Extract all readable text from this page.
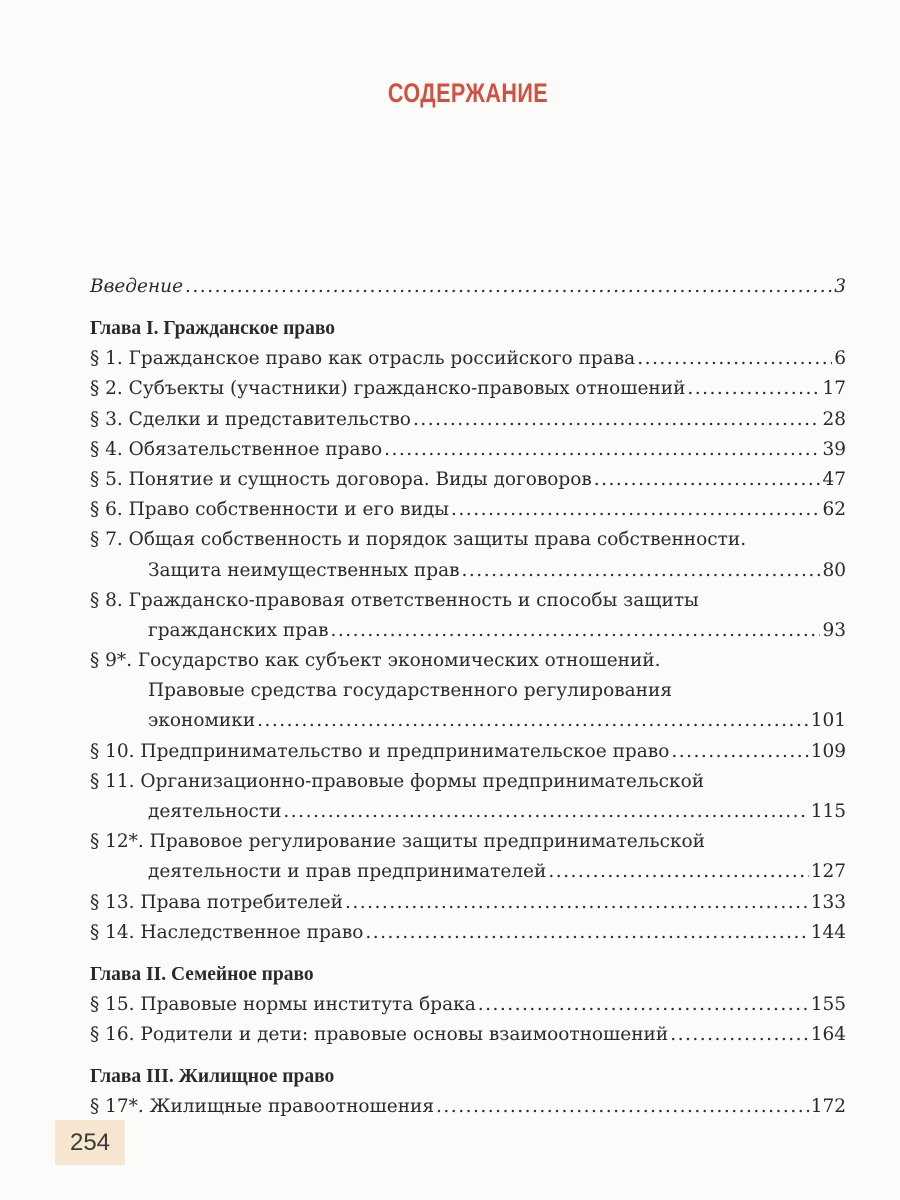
СОДЕРЖАНИЕ
Введение .....	3
Глава I. Гражданское право
§ 1. Гражданское право как отрасль российского права .....	6
§ 2. Субъекты (участники) гражданско-правовых отношений .....	17
§ 3. Сделки и представительство .....	28
§ 4. Обязательственное право .....	39
§ 5. Понятие и сущность договора. Виды договоров .....	47
§ 6. Право собственности и его виды .....	62
§ 7. Общая собственность и порядок защиты права собственности.
Защита неимущественных прав .....	80
§ 8. Гражданско-правовая ответственность и способы защиты
гражданских прав .....	93
§ 9*. Государство как субъект экономических отношений.
Правовые средства государственного регулирования
экономики .....	101
§ 10. Предпринимательство и предпринимательское право .....	109
§ 11. Организационно-правовые формы предпринимательской
деятельности .....	115
§ 12*. Правовое регулирование защиты предпринимательской
деятельности и прав предпринимателей .....	127
§ 13. Права потребителей .....	133
§ 14. Наследственное право .....	144
Глава II. Семейное право
§ 15. Правовые нормы института брака .....	155
§ 16. Родители и дети: правовые основы взаимоотношений .....	164
Глава III. Жилищное право
§ 17*. Жилищные правоотношения .....	172
254
